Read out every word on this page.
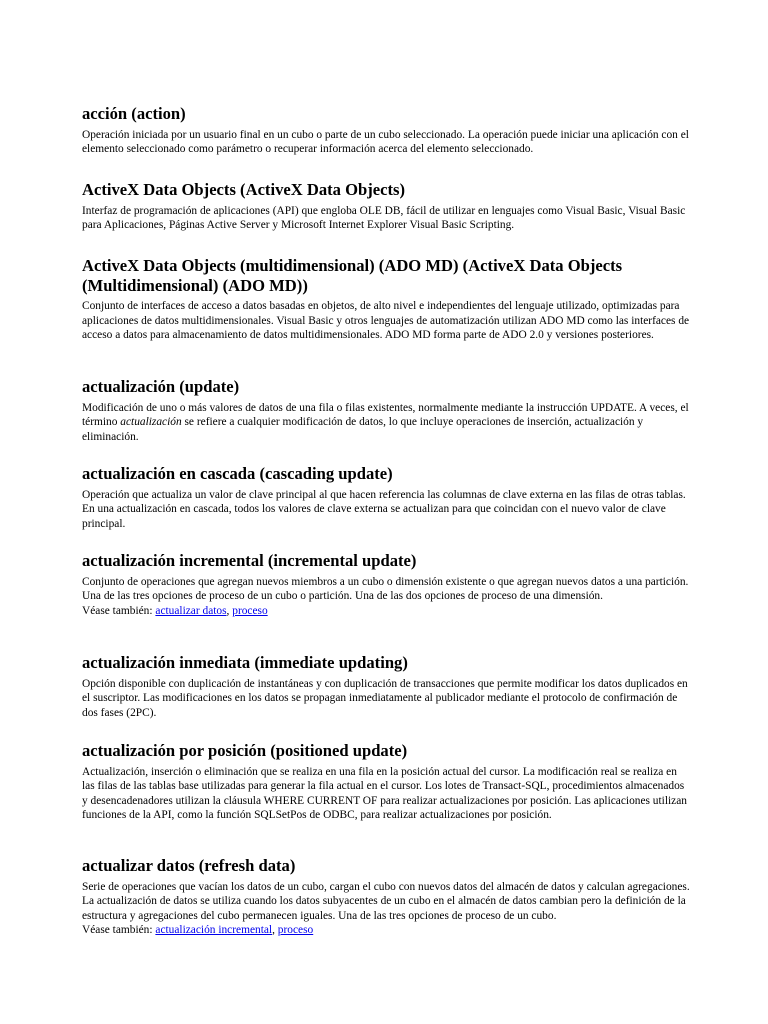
acción (action)

Operación iniciada por un usuario final en un cubo o parte de un cubo seleccionado. La operación puede iniciar una aplicación con el elemento seleccionado como parámetro o recuperar información acerca del elemento seleccionado.

ActiveX Data Objects (ActiveX Data Objects)

Interfaz de programación de aplicaciones (API) que engloba OLE DB, fácil de utilizar en lenguajes como Visual Basic, Visual Basic para Aplicaciones, Páginas Active Server y Microsoft Internet Explorer Visual Basic Scripting.

ActiveX Data Objects (multidimensional) (ADO MD) (ActiveX Data Objects (Multidimensional) (ADO MD))

Conjunto de interfaces de acceso a datos basadas en objetos, de alto nivel e independientes del lenguaje utilizado, optimizadas para aplicaciones de datos multidimensionales. Visual Basic y otros lenguajes de automatización utilizan ADO MD como las interfaces de acceso a datos para almacenamiento de datos multidimensionales. ADO MD forma parte de ADO 2.0 y versiones posteriores.

actualización (update)

Modificación de uno o más valores de datos de una fila o filas existentes, normalmente mediante la instrucción UPDATE. A veces, el término actualización se refiere a cualquier modificación de datos, lo que incluye operaciones de inserción, actualización y eliminación.

actualización en cascada (cascading update)

Operación que actualiza un valor de clave principal al que hacen referencia las columnas de clave externa en las filas de otras tablas. En una actualización en cascada, todos los valores de clave externa se actualizan para que coincidan con el nuevo valor de clave principal.

actualización incremental (incremental update)

Conjunto de operaciones que agregan nuevos miembros a un cubo o dimensión existente o que agregan nuevos datos a una partición. Una de las tres opciones de proceso de un cubo o partición. Una de las dos opciones de proceso de una dimensión.

Véase también: actualizar datos, proceso

actualización inmediata (immediate updating)

Opción disponible con duplicación de instantáneas y con duplicación de transacciones que permite modificar los datos duplicados en el suscriptor. Las modificaciones en los datos se propagan inmediatamente al publicador mediante el protocolo de confirmación de dos fases (2PC).

actualización por posición (positioned update)

Actualización, inserción o eliminación que se realiza en una fila en la posición actual del cursor. La modificación real se realiza en las filas de las tablas base utilizadas para generar la fila actual en el cursor. Los lotes de Transact-SQL, procedimientos almacenados y desencadenadores utilizan la cláusula WHERE CURRENT OF para realizar actualizaciones por posición. Las aplicaciones utilizan funciones de la API, como la función SQLSetPos de ODBC, para realizar actualizaciones por posición.

actualizar datos (refresh data)

Serie de operaciones que vacían los datos de un cubo, cargan el cubo con nuevos datos del almacén de datos y calculan agregaciones. La actualización de datos se utiliza cuando los datos subyacentes de un cubo en el almacén de datos cambian pero la definición de la estructura y agregaciones del cubo permanecen iguales. Una de las tres opciones de proceso de un cubo.

Véase también: actualización incremental, proceso
